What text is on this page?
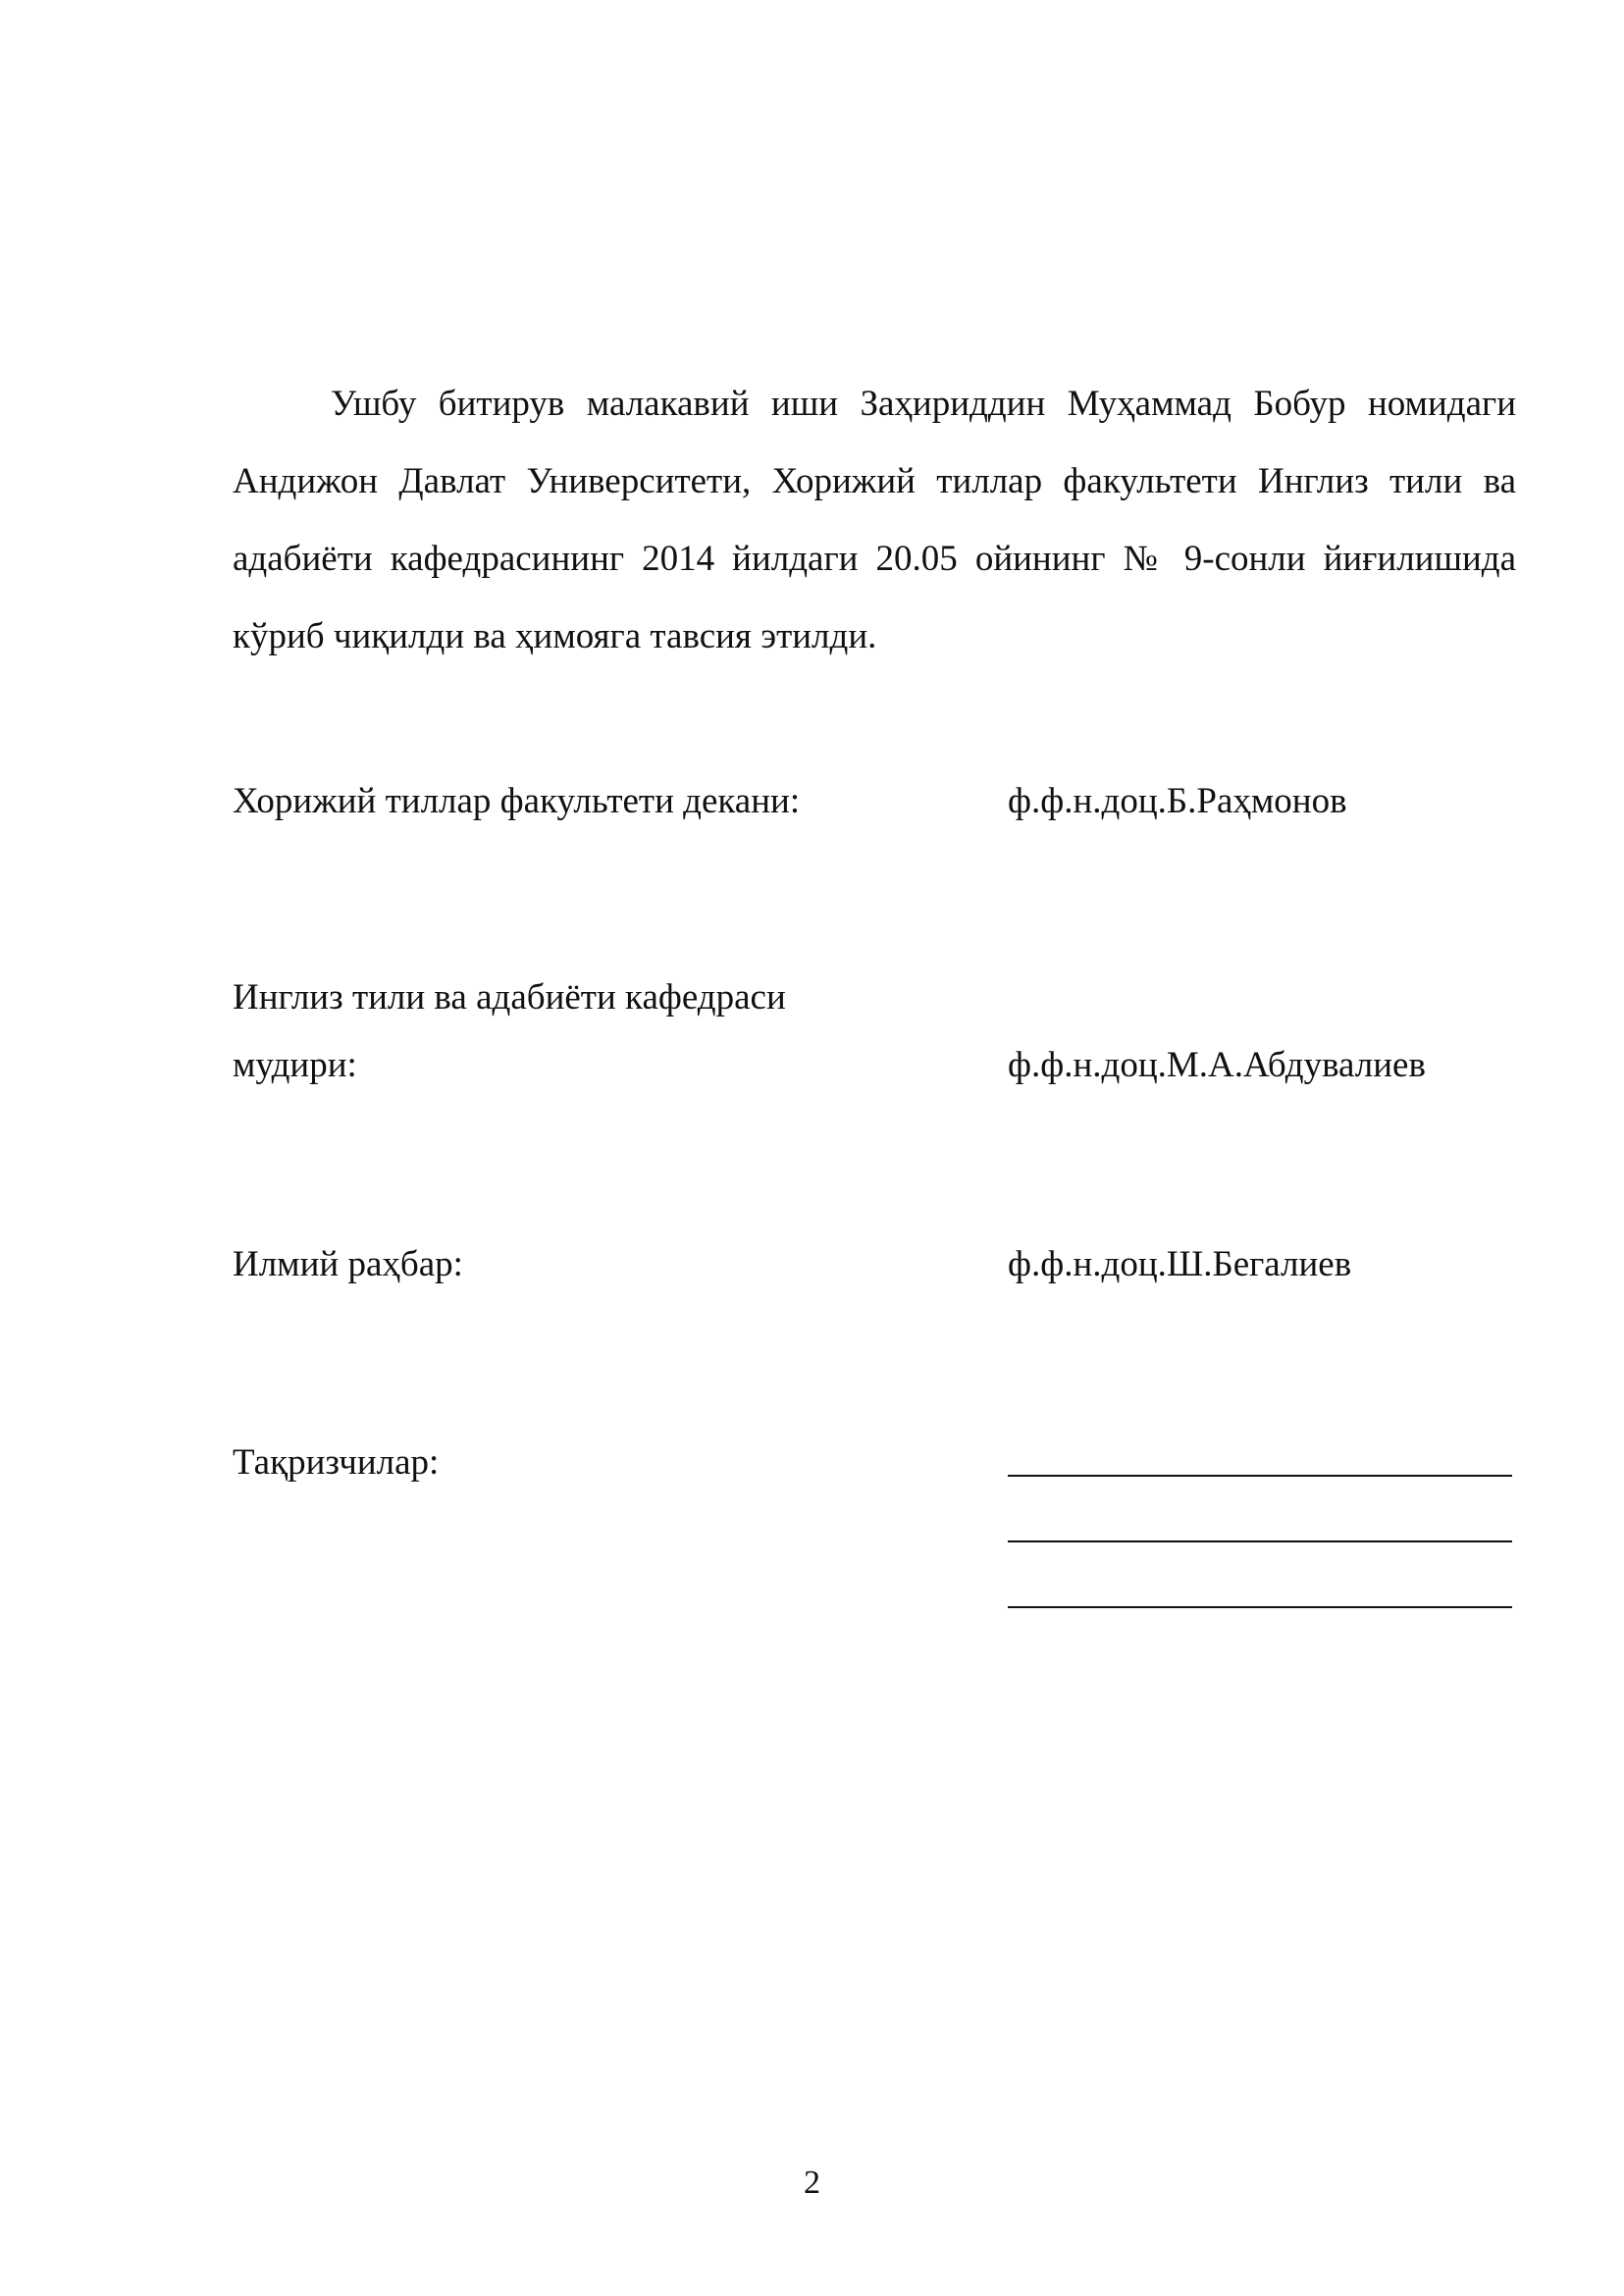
Ушбу битирув малакавий иши Заҳириддин Муҳаммад Бобур номидаги Андижон Давлат Университети, Хорижий тиллар факультети Инглиз тили ва адабиёти кафедрасининг 2014 йилдаги 20.05 ойининг № 9-сонли йиғилишида кўриб чиқилди ва ҳимояга тавсия этилди.

Хорижий тиллар факультети декани:	ф.ф.н.доц.Б.Раҳмонов

Инглиз тили ва адабиёти кафедраси

мудири:	ф.ф.н.доц.М.А.Абдувалиев

Илмий раҳбар:	ф.ф.н.доц.Ш.Бегалиев

Тақризчилар:

2
